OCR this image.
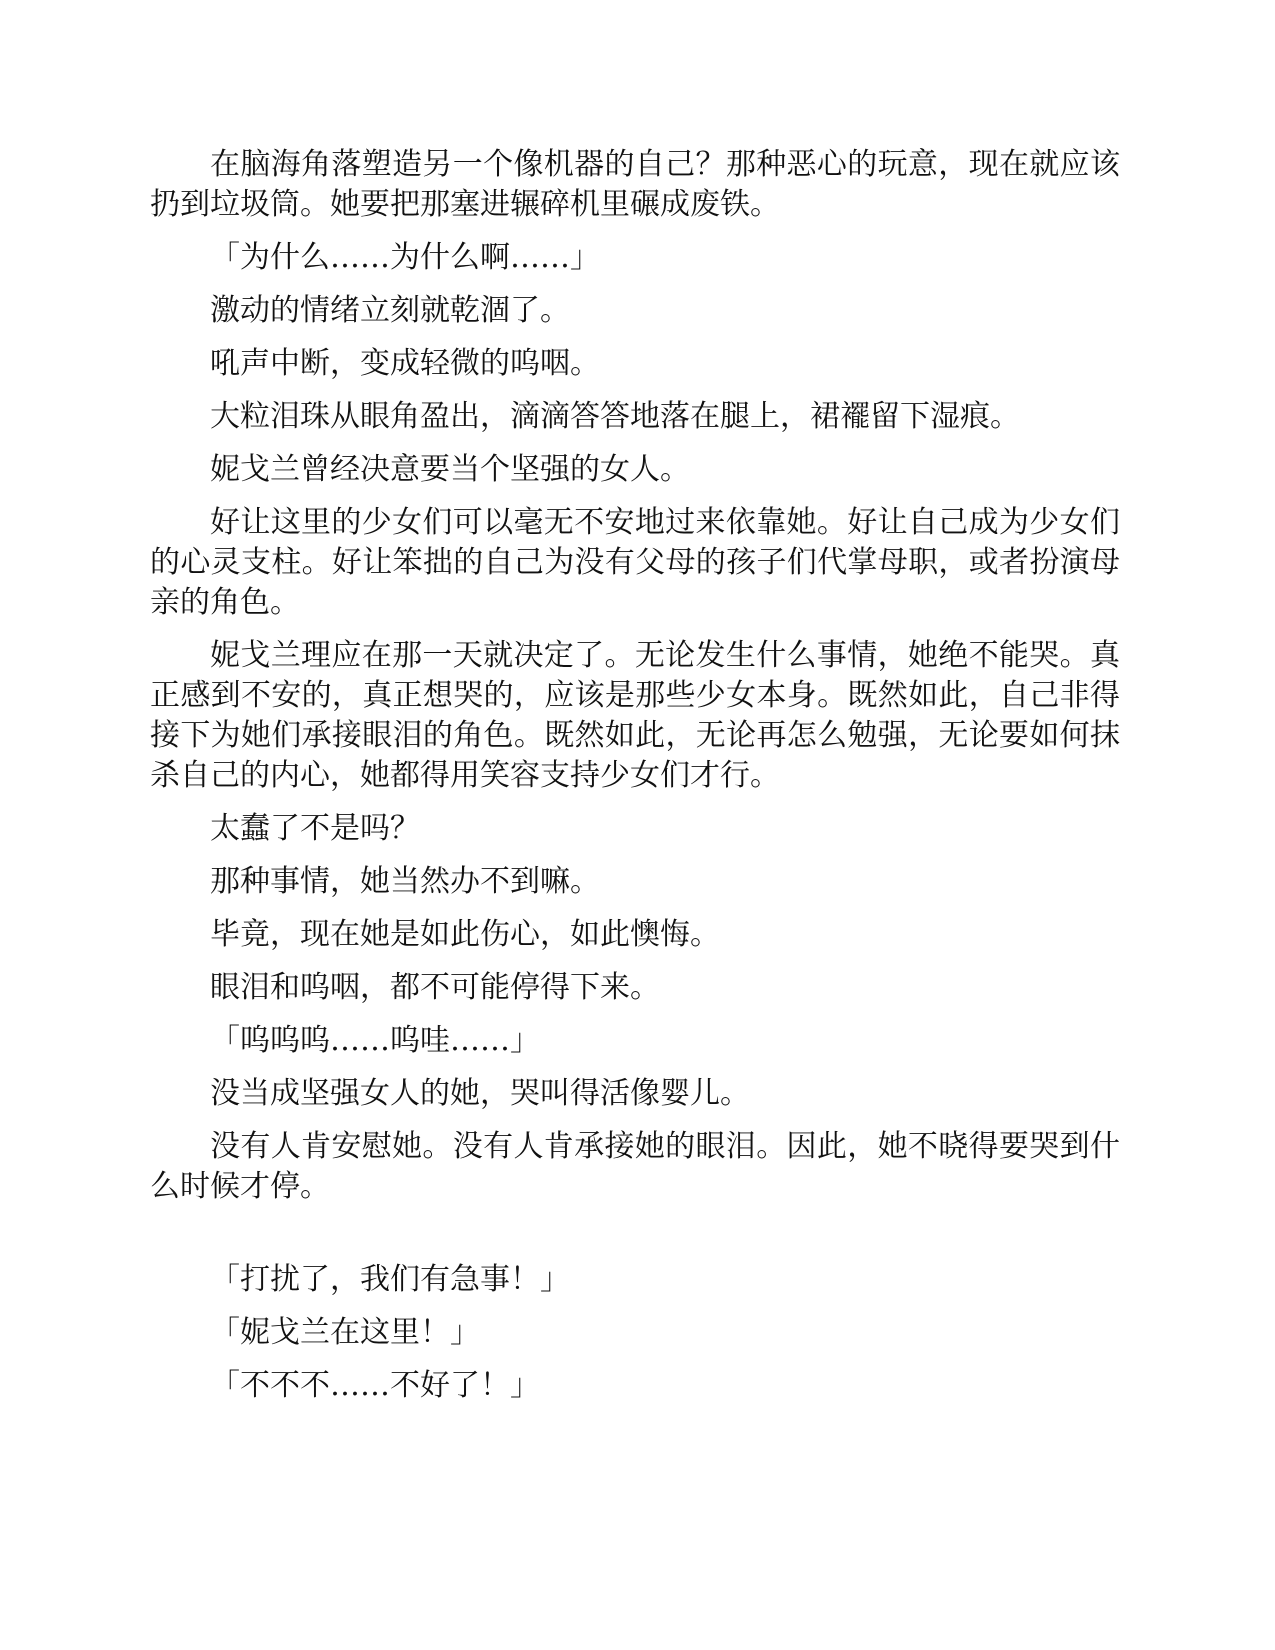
在脑海角落塑造另一个像机器的自己？那种恶心的玩意，现在就应该扔到垃圾筒。她要把那塞进辗碎机里碾成废铁。

「为什么……为什么啊……」

激动的情绪立刻就乾涸了。

吼声中断，变成轻微的呜咽。

大粒泪珠从眼角盈出，滴滴答答地落在腿上，裙襬留下湿痕。

妮戈兰曾经决意要当个坚强的女人。

好让这里的少女们可以毫无不安地过来依靠她。好让自己成为少女们的心灵支柱。好让笨拙的自己为没有父母的孩子们代掌母职，或者扮演母亲的角色。

妮戈兰理应在那一天就决定了。无论发生什么事情，她绝不能哭。真正感到不安的，真正想哭的，应该是那些少女本身。既然如此，自己非得接下为她们承接眼泪的角色。既然如此，无论再怎么勉强，无论要如何抹杀自己的内心，她都得用笑容支持少女们才行。

太蠢了不是吗？

那种事情，她当然办不到嘛。

毕竟，现在她是如此伤心，如此懊悔。

眼泪和呜咽，都不可能停得下来。

「呜呜呜……呜哇……」

没当成坚强女人的她，哭叫得活像婴儿。

没有人肯安慰她。没有人肯承接她的眼泪。因此，她不晓得要哭到什么时候才停。

「打扰了，我们有急事！」

「妮戈兰在这里！」

「不不不……不好了！」
